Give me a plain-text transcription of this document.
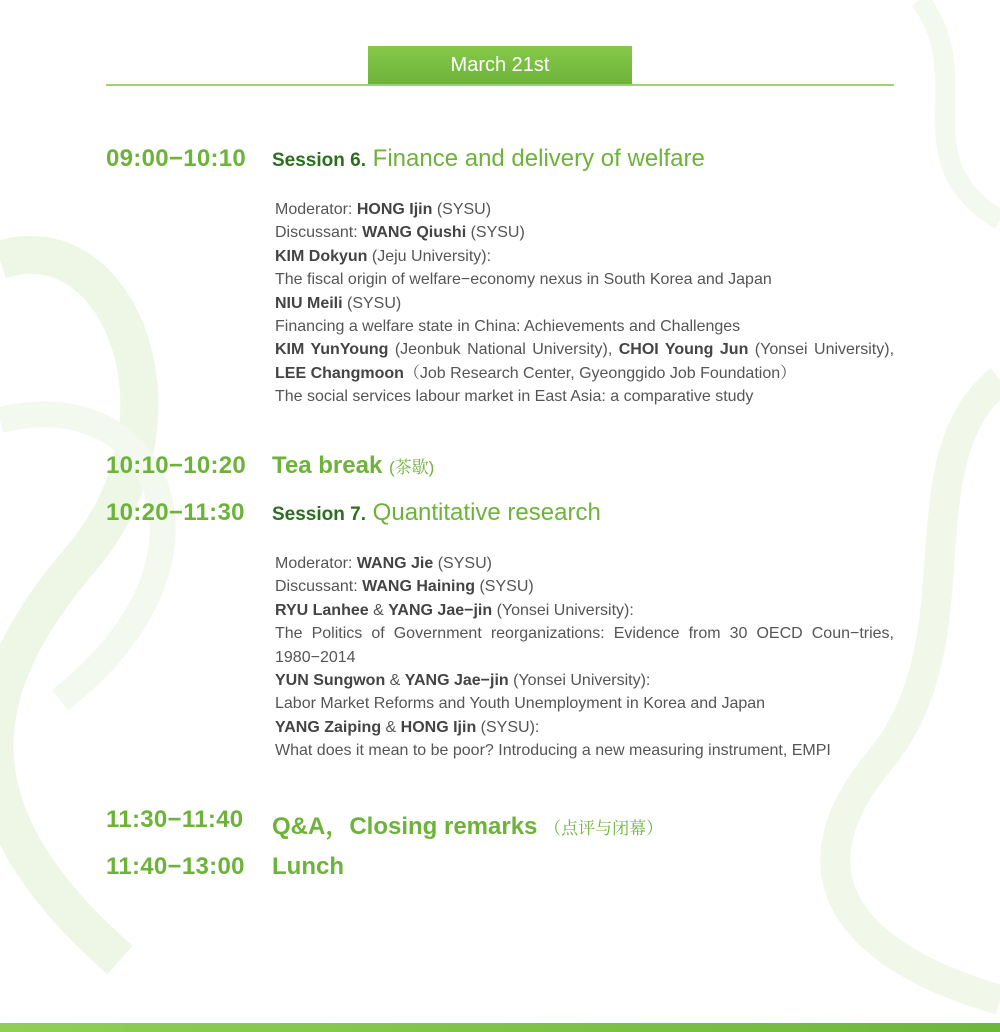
March 21st
09:00−10:10 Session 6. Finance and delivery of welfare

Moderator: HONG Ijin (SYSU)

Discussant: WANG Qiushi (SYSU)

KIM Dokyun (Jeju University):

The fiscal origin of welfare−economy nexus in South Korea and Japan

NIU Meili (SYSU)

Financing a welfare state in China: Achievements and Challenges

KIM YunYoung (Jeonbuk National University), CHOI Young Jun (Yonsei University), LEE Changmoon（Job Research Center, Gyeonggido Job Foundation）

The social services labour market in East Asia: a comparative study

10:10−10:20 Tea break (茶歇)
10:20−11:30 Session 7. Quantitative research

Moderator: WANG Jie (SYSU)

Discussant: WANG Haining (SYSU)

RYU Lanhee & YANG Jae−jin (Yonsei University):

The Politics of Government reorganizations: Evidence from 30 OECD Coun−tries, 1980−2014

YUN Sungwon & YANG Jae−jin (Yonsei University):

Labor Market Reforms and Youth Unemployment in Korea and Japan

YANG Zaiping & HONG Ijin (SYSU):

What does it mean to be poor? Introducing a new measuring instrument, EMPI

11:30−11:40 Q&A，Closing remarks （点评与闭幕）
11:40−13:00 Lunch
